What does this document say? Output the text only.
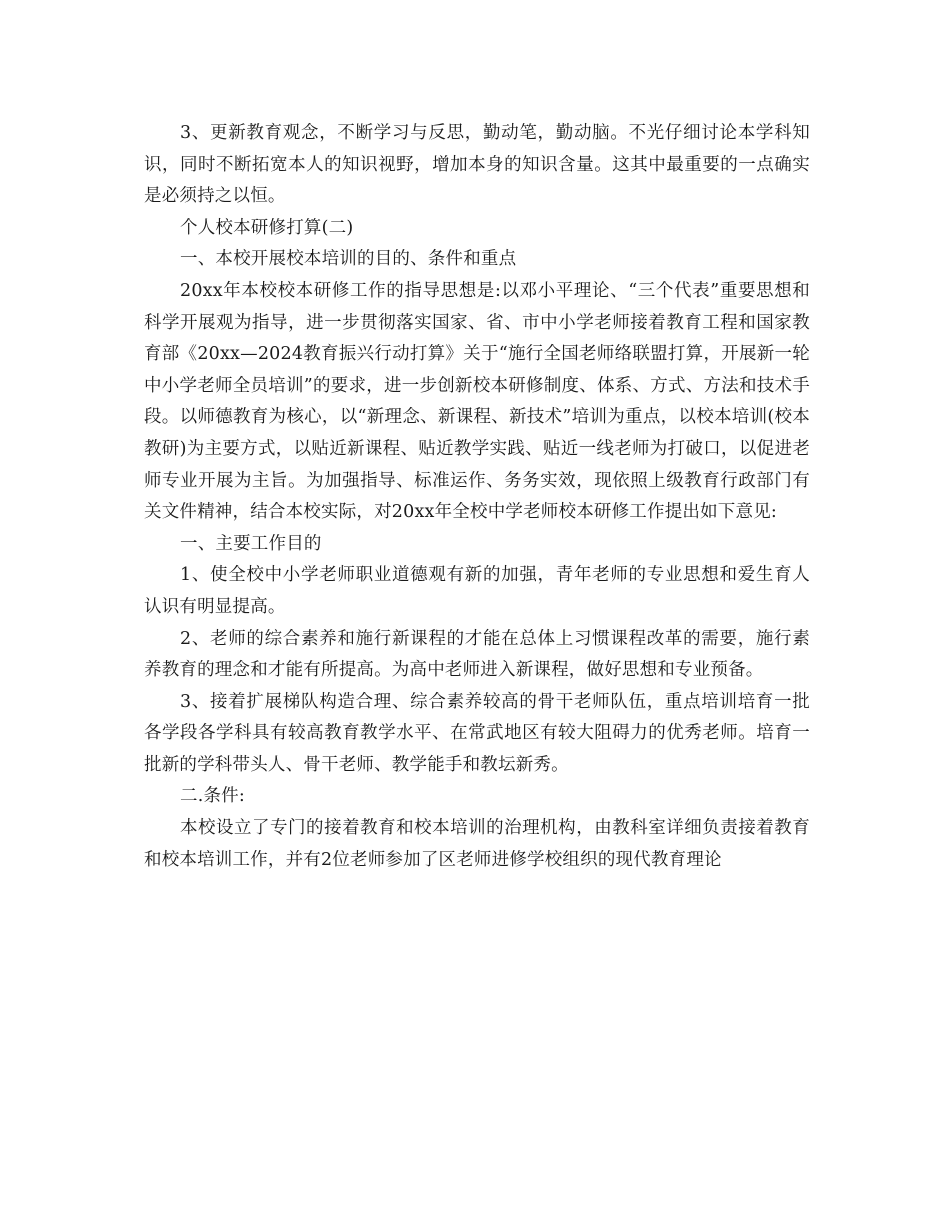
3、更新教育观念，不断学习与反思，勤动笔，勤动脑。不光仔细讨论本学科知识，同时不断拓宽本人的知识视野，增加本身的知识含量。这其中最重要的一点确实是必须持之以恒。

个人校本研修打算(二)

一、本校开展校本培训的目的、条件和重点

20xx年本校校本研修工作的指导思想是:以邓小平理论、“三个代表”重要思想和科学开展观为指导，进一步贯彻落实国家、省、市中小学老师接着教育工程和国家教育部《20xx—2024教育振兴行动打算》关于“施行全国老师络联盟打算，开展新一轮中小学老师全员培训”的要求，进一步创新校本研修制度、体系、方式、方法和技术手段。以师德教育为核心，以“新理念、新课程、新技术”培训为重点，以校本培训(校本教研)为主要方式，以贴近新课程、贴近教学实践、贴近一线老师为打破口，以促进老师专业开展为主旨。为加强指导、标准运作、务务实效，现依照上级教育行政部门有关文件精神，结合本校实际，对20xx年全校中学老师校本研修工作提出如下意见:

一、主要工作目的

1、使全校中小学老师职业道德观有新的加强，青年老师的专业思想和爱生育人认识有明显提高。

2、老师的综合素养和施行新课程的才能在总体上习惯课程改革的需要，施行素养教育的理念和才能有所提高。为高中老师进入新课程，做好思想和专业预备。

3、接着扩展梯队构造合理、综合素养较高的骨干老师队伍，重点培训培育一批各学段各学科具有较高教育教学水平、在常武地区有较大阻碍力的优秀老师。培育一批新的学科带头人、骨干老师、教学能手和教坛新秀。

二.条件:

本校设立了专门的接着教育和校本培训的治理机构，由教科室详细负责接着教育和校本培训工作，并有2位老师参加了区老师进修学校组织的现代教育理论
